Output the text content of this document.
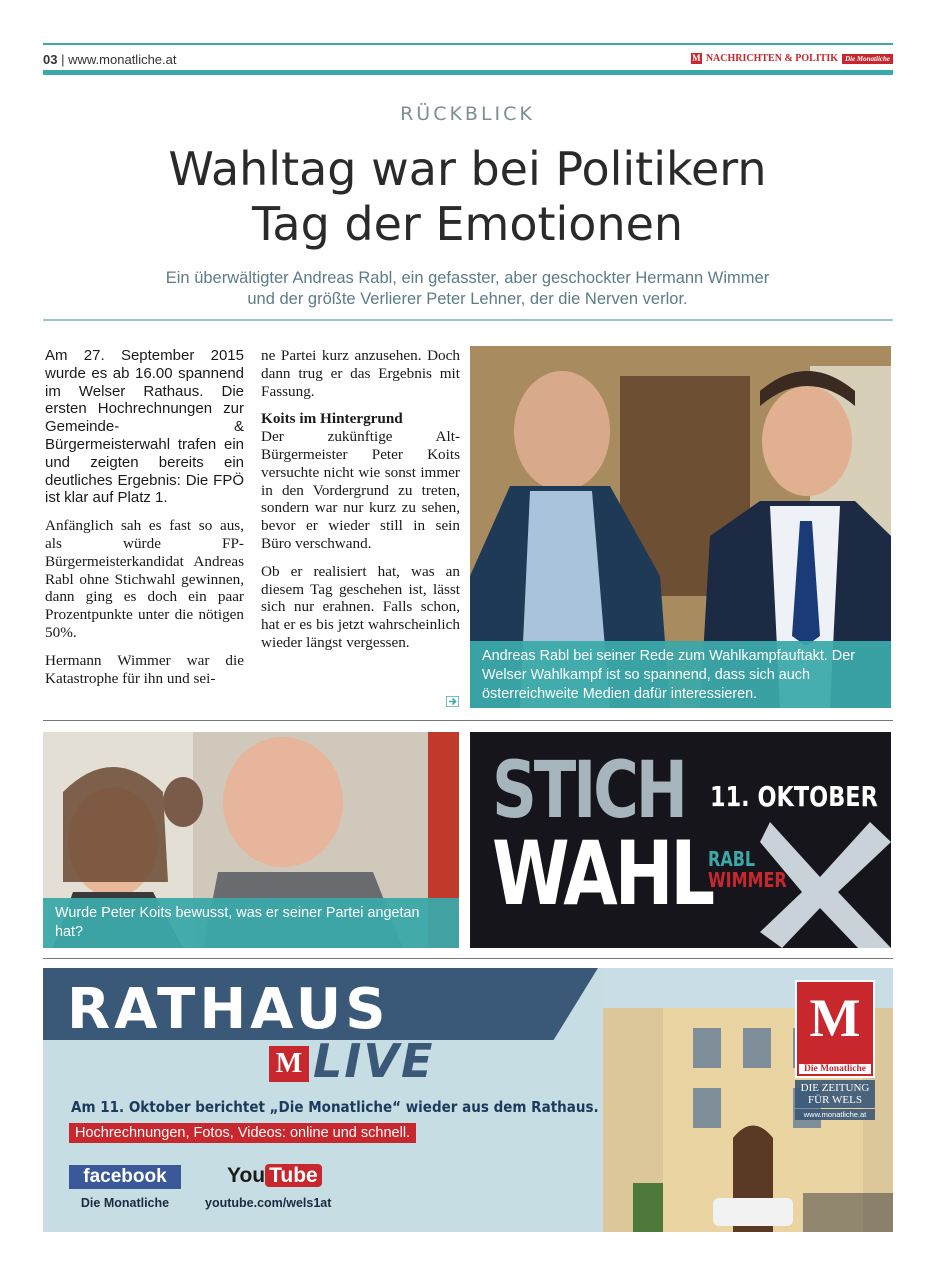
03 | www.monatliche.at	M NACHRICHTEN & POLITIK	Die Monatliche
RÜCKBLICK
Wahltag war bei Politikern
Tag der Emotionen
Ein überwältigter Andreas Rabl, ein gefasster, aber geschockter Hermann Wimmer
und der größte Verlierer Peter Lehner, der die Nerven verlor.

Am 27. September 2015 wurde es ab 16.00 spannend im Welser Rathaus. Die ersten Hochrechnungen zur Gemeinde- & Bürgermeisterwahl trafen ein und zeigten bereits ein deutliches Ergebnis: Die FPÖ ist klar auf Platz 1.

Anfänglich sah es fast so aus, als würde FP-Bürgermeisterkandidat Andreas Rabl ohne Stichwahl gewinnen, dann ging es doch ein paar Prozentpunkte unter die nötigen 50%.

Hermann Wimmer war die Katastrophe für ihn und sei-

ne Partei kurz anzusehen. Doch dann trug er das Ergebnis mit Fassung.

Koits im Hintergrund

Der zukünftige Alt-Bürgermeister Peter Koits versuchte nicht wie sonst immer in den Vordergrund zu treten, sondern war nur kurz zu sehen, bevor er wieder still in sein Büro verschwand.

Ob er realisiert hat, was an diesem Tag geschehen ist, lässt sich nur erahnen. Falls schon, hat er es bis jetzt wahrscheinlich wieder längst vergessen.

Andreas Rabl bei seiner Rede zum Wahlkampfauftakt. Der Welser Wahlkampf ist so spannend, dass sich auch österreichweite Medien dafür interessieren.
Wurde Peter Koits bewusst, was er seiner Partei angetan hat?
STICH
WAHL
11. OKTOBER
RABL
WIMMER
RATHAUS
M LIVE
Am 11. Oktober berichtet „Die Monatliche“ wieder aus dem Rathaus.
Hochrechnungen, Fotos, Videos: online und schnell.
facebook
Die Monatliche
You Tube
youtube.com/wels1at
M
Die Monatliche
DIE ZEITUNG
FÜR WELS
www.monatliche.at
